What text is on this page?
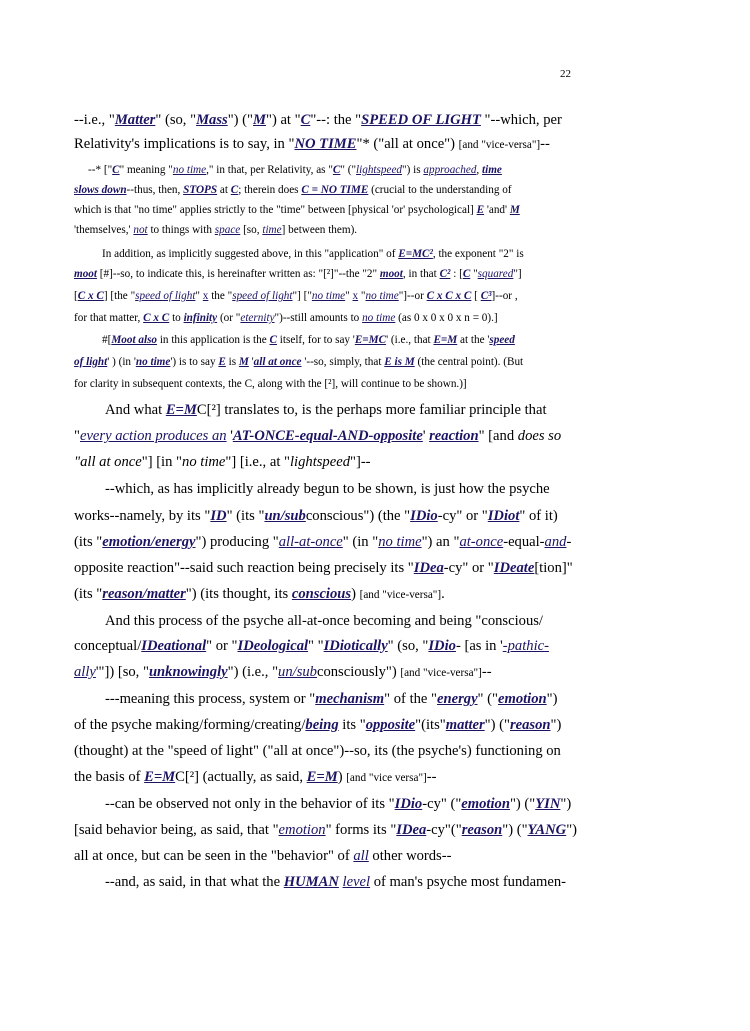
22
--i.e., "Matter" (so, "Mass") ("M") at "C"--: the "SPEED OF LIGHT "--which, per
Relativity's implications is to say, in "NO TIME"* ("all at once") [and "vice-versa"]--
--* ["C" meaning "no time," in that, per Relativity, as "C" ("lightspeed") is approached, time
slows down--thus, then, STOPS at C; therein does C = NO TIME (crucial to the understanding of
which is that "no time" applies strictly to the "time" between [physical 'or' psychological] E 'and' M
'themselves,' not to things with space [so, time] between them).
In addition, as implicitly suggested above, in this "application" of E=MC², the exponent "2" is
moot [#]--so, to indicate this, is hereinafter written as: "[²]"--the "2" moot, in that C² : [C "squared"]
[C x C] [the "speed of light" x the "speed of light"] ["no time" x "no time"]--or C x C x C [ C³]--or ,
for that matter, C x C to infinity (or "eternity")--still amounts to no time (as 0 x 0 x 0 x n = 0).]
#[Moot also in this application is the C itself, for to say 'E=MC' (i.e., that E=M at the 'speed
of light' ) (in 'no time') is to say E is M 'all at once '--so, simply, that E is M (the central point). (But
for clarity in subsequent contexts, the C, along with the [²], will continue to be shown.)]
And what E=MC[²] translates to, is the perhaps more familiar principle that
"every action produces an 'AT-ONCE-equal-AND-opposite' reaction" [and does so
"all at once"] [in "no time"] [i.e., at "lightspeed"]--
--which, as has implicitly already begun to be shown, is just how the psyche
works--namely, by its "ID" (its "un/subconscious") (the "IDio-cy" or "IDiot" of it)
(its "emotion/energy") producing "all-at-once" (in "no time") an "at-once-equal-and-
opposite reaction"--said such reaction being precisely its "IDea-cy" or "IDeate[tion]"
(its "reason/matter") (its thought, its conscious) [and "vice-versa"].
And this process of the psyche all-at-once becoming and being "conscious/
conceptual/IDeational" or "IDeological" "IDiotically" (so, "IDio- [as in '-pathic-
ally'"]) [so, "unknowingly") (i.e., "un/subconsciously") [and "vice-versa"]--
---meaning this process, system or "mechanism" of the "energy" ("emotion")
of the psyche making/forming/creating/being its "opposite"(its"matter") ("reason")
(thought) at the "speed of light" ("all at once")--so, its (the psyche's) functioning on
the basis of E=MC[²] (actually, as said, E=M) [and "vice versa"]--
--can be observed not only in the behavior of its "IDio-cy" ("emotion") ("YIN")
[said behavior being, as said, that "emotion" forms its "IDea-cy"("reason") ("YANG")
all at once, but can be seen in the "behavior" of all other words--
--and, as said, in that what the HUMAN level of man's psyche most fundamen-
